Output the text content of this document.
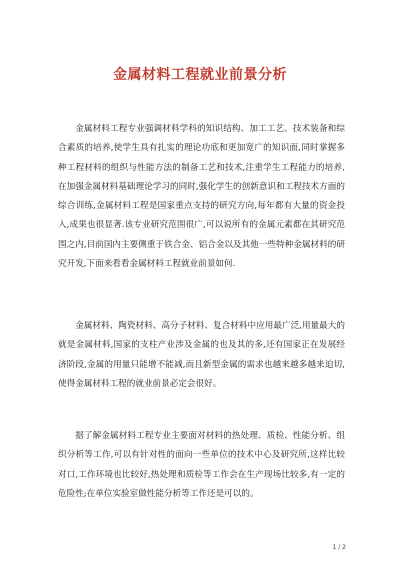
金属材料工程就业前景分析
金属材料工程专业强调材料学科的知识结构、加工工艺、技术装备和综合素质的培养,使学生具有扎实的理论功底和更加宽广的知识面,同时掌握多种工程材料的组织与性能方法的制备工艺和技术,注重学生工程能力的培养,在加强金属材料基础理论学习的同时,强化学生的创新意识和工程技术方面的综合训练,金属材料工程是国家重点支持的研究方向,每年都有大量的资金投入,成果也很显著.该专业研究范围很广,可以说所有的金属元素都在其研究范围之内,目前国内主要侧重于铁合金、铝合金以及其他一些特种金属材料的研究开发,下面来看看金属材料工程就业前景如何.
金属材料、陶瓷材料、高分子材料、复合材料中应用最广泛,用量最大的就是金属材料,国家的支柱产业涉及金属的也及其的多,还有国家正在发展经济阶段,金属的用量只能增不能减,而且新型金属的需求也越来越多越来迫切,使得金属材料工程的就业前景必定会很好。
据了解金属材料工程专业主要面对材料的热处理、质检、性能分析、组织分析等工作,可以有针对性的面向一些单位的技术中心及研究所,这样比较对口,工作环境也比较好,热处理和质检等工作会在生产现场比较多,有一定的危险性;在单位实验室做性能分析等工作还是可以的。
1 / 2
